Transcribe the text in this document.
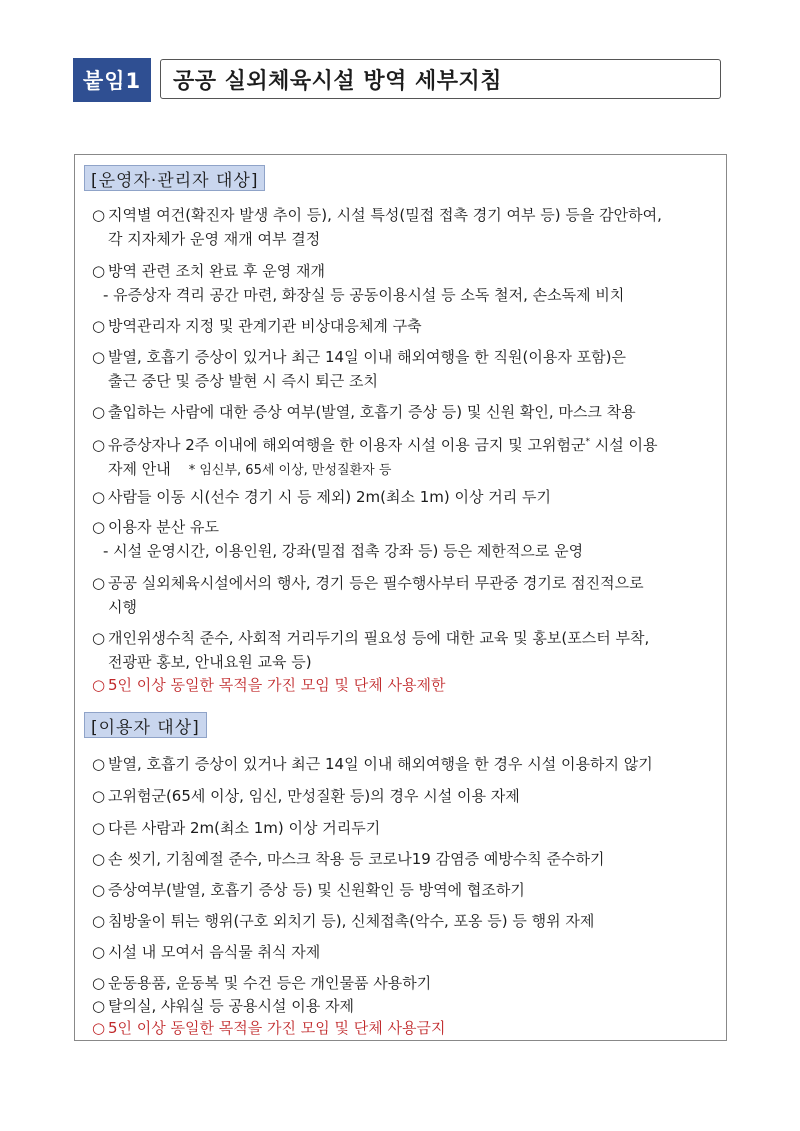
붙임1	공공 실외체육시설 방역 세부지침
[운영자·관리자 대상]
○ 지역별 여건(확진자 발생 추이 등), 시설 특성(밀접 접촉 경기 여부 등) 등을 감안하여,
각 지자체가 운영 재개 여부 결정
○ 방역 관련 조치 완료 후 운영 재개
- 유증상자 격리 공간 마련, 화장실 등 공동이용시설 등 소독 철저, 손소독제 비치
○ 방역관리자 지정 및 관계기관 비상대응체계 구축
○ 발열, 호흡기 증상이 있거나 최근 14일 이내 해외여행을 한 직원(이용자 포함)은
출근 중단 및 증상 발현 시 즉시 퇴근 조치
○ 출입하는 사람에 대한 증상 여부(발열, 호흡기 증상 등) 및 신원 확인, 마스크 착용
○ 유증상자나 2주 이내에 해외여행을 한 이용자 시설 이용 금지 및 고위험군* 시설 이용
자제 안내 * 임신부, 65세 이상, 만성질환자 등
○ 사람들 이동 시(선수 경기 시 등 제외) 2m(최소 1m) 이상 거리 두기
○ 이용자 분산 유도
- 시설 운영시간, 이용인원, 강좌(밀접 접촉 강좌 등) 등은 제한적으로 운영
○ 공공 실외체육시설에서의 행사, 경기 등은 필수행사부터 무관중 경기로 점진적으로
시행
○ 개인위생수칙 준수, 사회적 거리두기의 필요성 등에 대한 교육 및 홍보(포스터 부착,
전광판 홍보, 안내요원 교육 등)
○ 5인 이상 동일한 목적을 가진 모임 및 단체 사용제한
[이용자 대상]
○ 발열, 호흡기 증상이 있거나 최근 14일 이내 해외여행을 한 경우 시설 이용하지 않기
○ 고위험군(65세 이상, 임신, 만성질환 등)의 경우 시설 이용 자제
○ 다른 사람과 2m(최소 1m) 이상 거리두기
○ 손 씻기, 기침예절 준수, 마스크 착용 등 코로나19 감염증 예방수칙 준수하기
○ 증상여부(발열, 호흡기 증상 등) 및 신원확인 등 방역에 협조하기
○ 침방울이 튀는 행위(구호 외치기 등), 신체접촉(악수, 포옹 등) 등 행위 자제
○ 시설 내 모여서 음식물 취식 자제
○ 운동용품, 운동복 및 수건 등은 개인물품 사용하기
○ 탈의실, 샤워실 등 공용시설 이용 자제
○ 5인 이상 동일한 목적을 가진 모임 및 단체 사용금지
